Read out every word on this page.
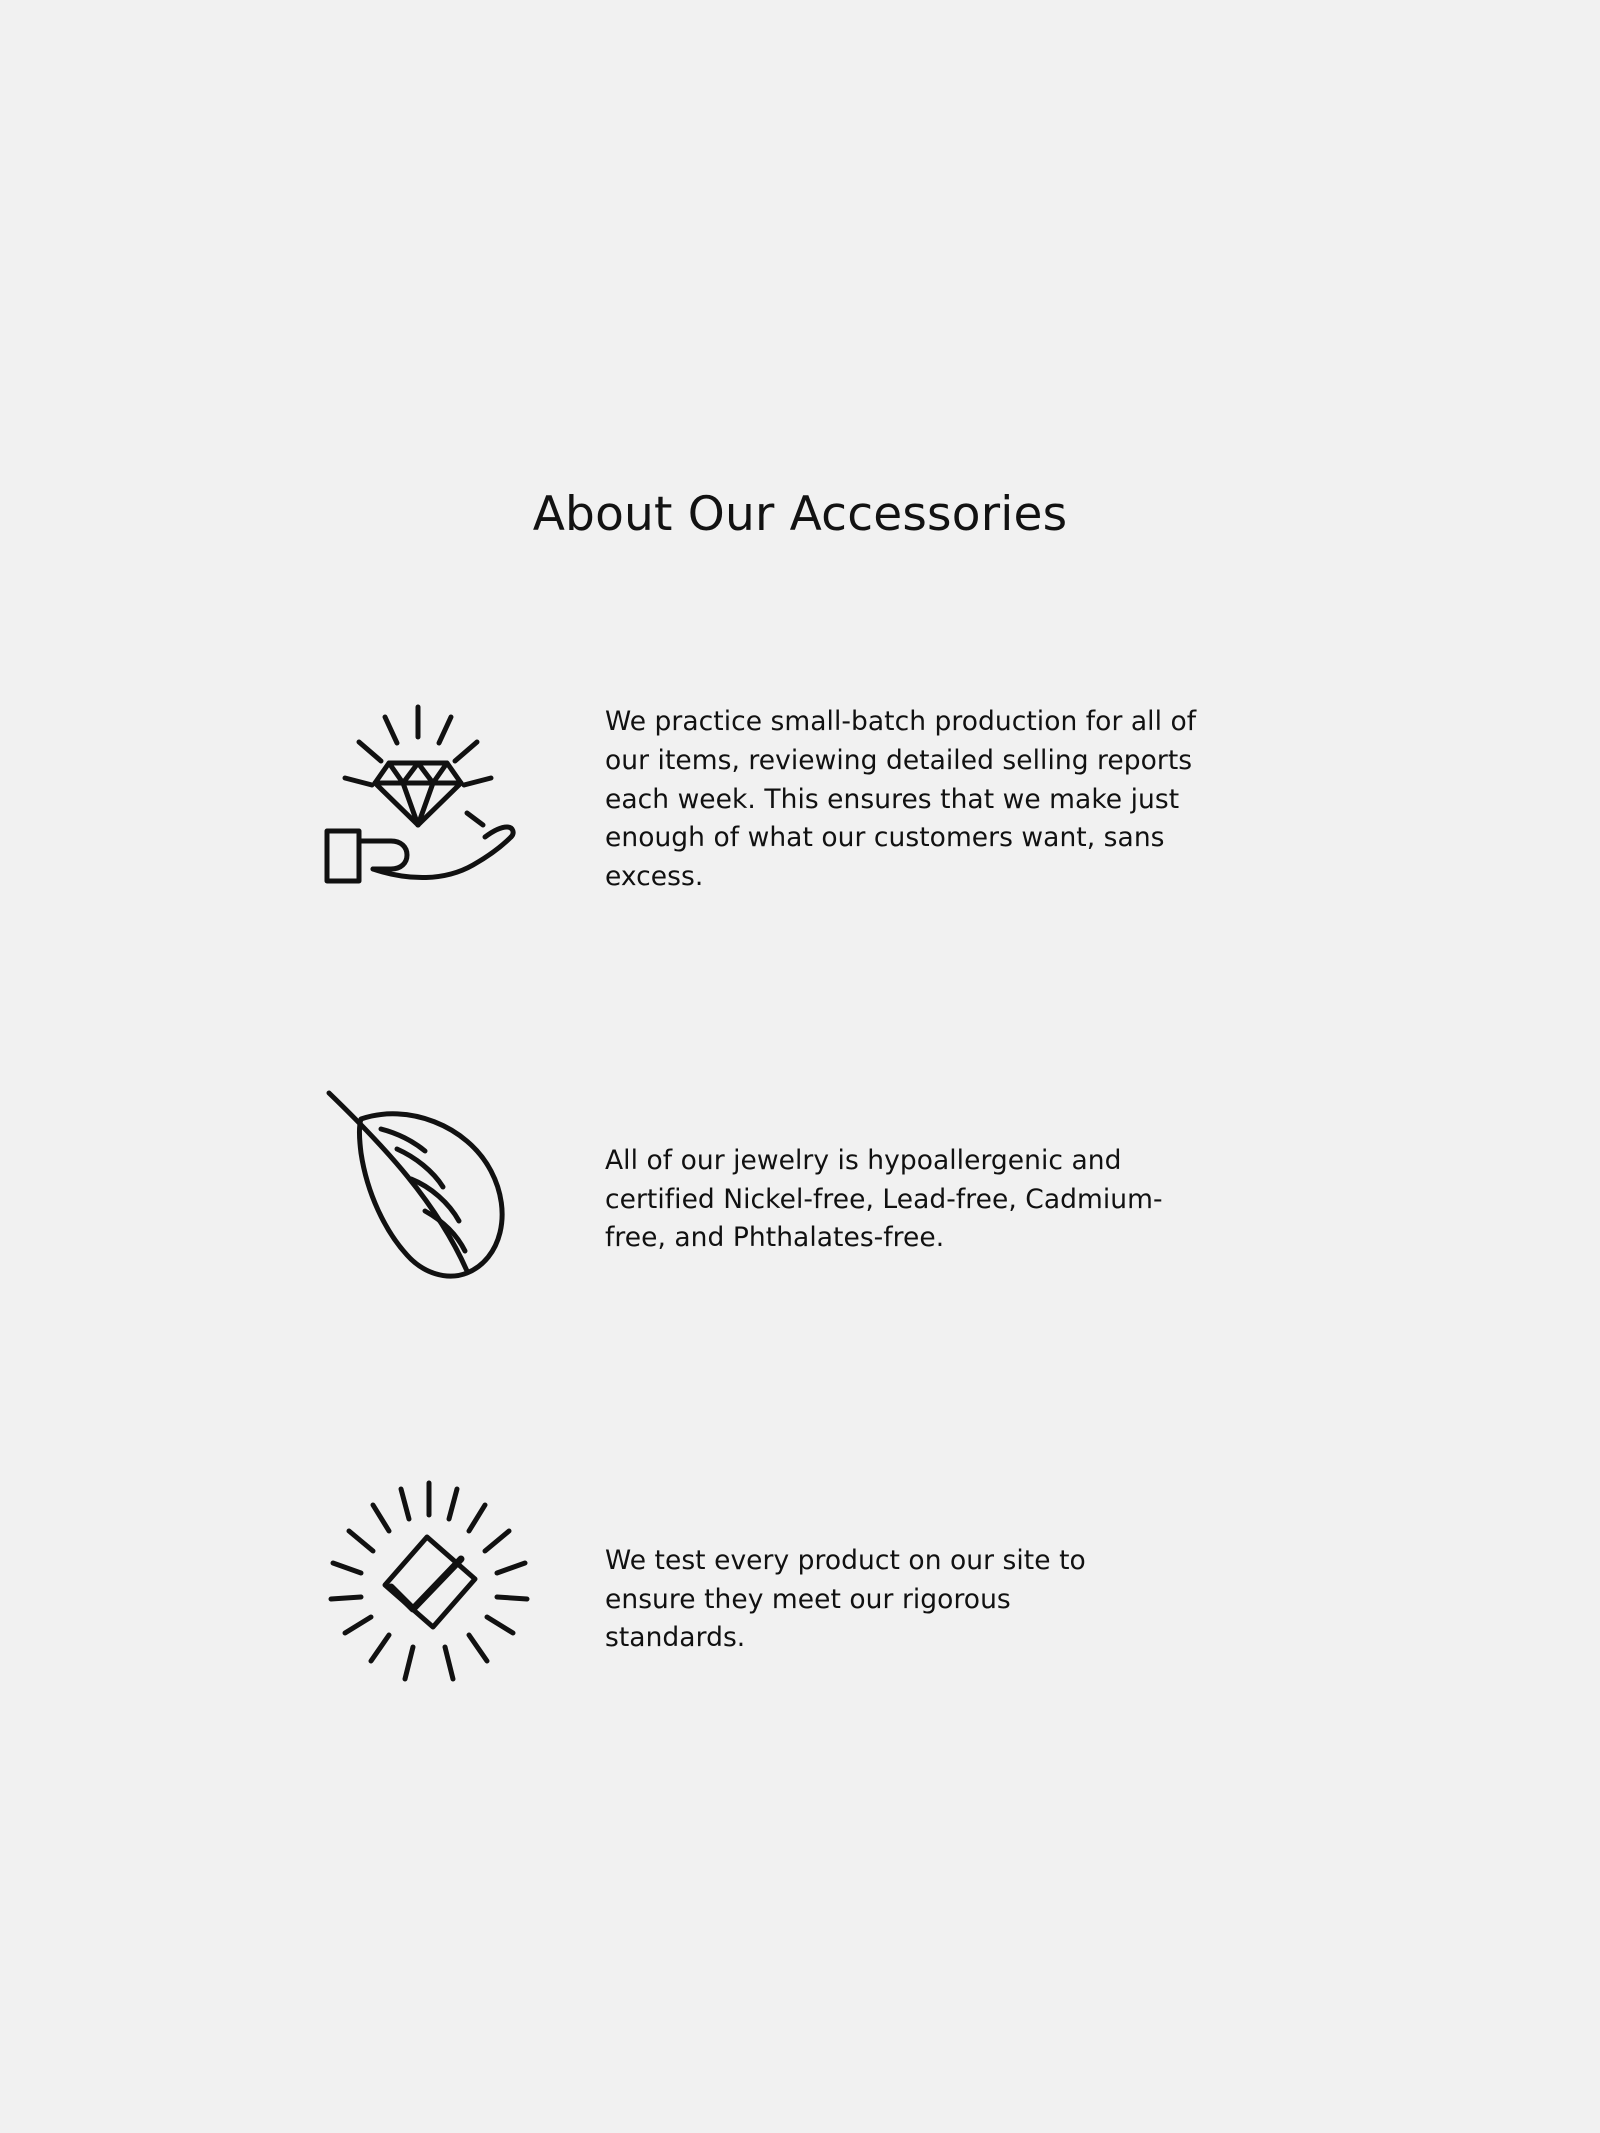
About Our Accessories
We practice small-batch production for all of our items, reviewing detailed selling reports each week. This ensures that we make just enough of what our customers want, sans excess.
All of our jewelry is hypoallergenic and certified Nickel-free, Lead-free, Cadmium-free, and Phthalates-free.
We test every product on our site to ensure they meet our rigorous standards.
